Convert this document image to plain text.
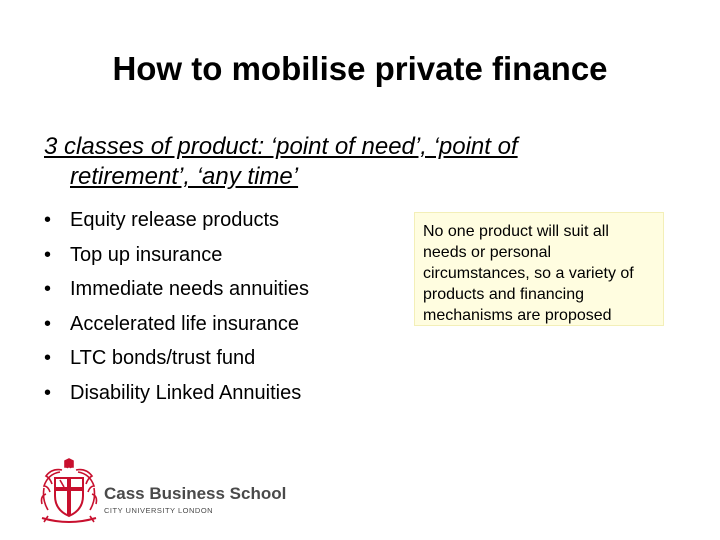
How to mobilise private finance
3 classes of product: ‘point of need’, ‘point of
retirement’, ‘any time’
• Equity release products
• Top up insurance
• Immediate needs annuities
• Accelerated life insurance
• LTC bonds/trust fund
• Disability Linked Annuities
No one product will suit all needs or personal circumstances, so a variety of products and financing mechanisms are proposed
Cass Business School
CITY UNIVERSITY LONDON
